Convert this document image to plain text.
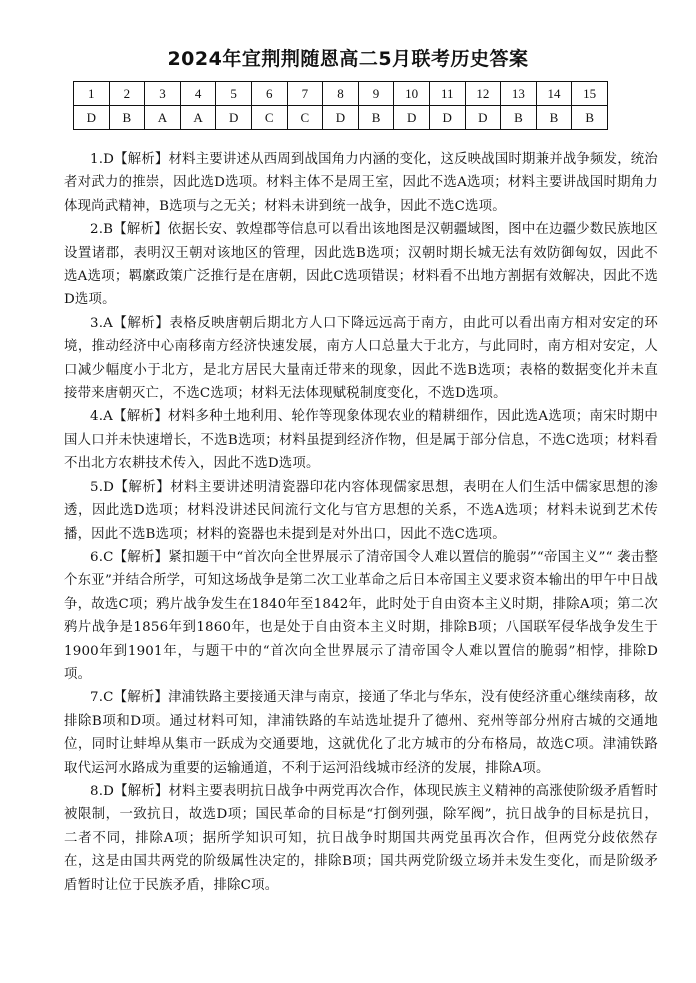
2024年宜荆荆随恩高二5月联考历史答案
1	2	3	4	5	6	7	8	9	10	11	12	13	14	15
D	B	A	A	D	C	C	D	B	D	D	D	B	B	B

1.D【解析】材料主要讲述从西周到战国角力内涵的变化，这反映战国时期兼并战争频发，统治者对武力的推崇，因此选D选项。材料主体不是周王室，因此不选A选项；材料主要讲战国时期角力体现尚武精神，B选项与之无关；材料未讲到统一战争，因此不选C选项。

2.B【解析】依据长安、敦煌郡等信息可以看出该地图是汉朝疆域图，图中在边疆少数民族地区设置诸郡，表明汉王朝对该地区的管理，因此选B选项；汉朝时期长城无法有效防御匈奴，因此不选A选项；羁縻政策广泛推行是在唐朝，因此C选项错误；材料看不出地方割据有效解决，因此不选D选项。

3.A【解析】表格反映唐朝后期北方人口下降远远高于南方，由此可以看出南方相对安定的环境，推动经济中心南移南方经济快速发展，南方人口总量大于北方，与此同时，南方相对安定，人口减少幅度小于北方，是北方居民大量南迁带来的现象，因此不选B选项；表格的数据变化并未直接带来唐朝灭亡，不选C选项；材料无法体现赋税制度变化，不选D选项。

4.A【解析】材料多种土地利用、轮作等现象体现农业的精耕细作，因此选A选项；南宋时期中国人口并未快速增长，不选B选项；材料虽提到经济作物，但是属于部分信息，不选C选项；材料看不出北方农耕技术传入，因此不选D选项。

5.D【解析】材料主要讲述明清瓷器印花内容体现儒家思想，表明在人们生活中儒家思想的渗透，因此选D选项；材料没讲述民间流行文化与官方思想的关系，不选A选项；材料未说到艺术传播，因此不选B选项；材料的瓷器也未提到是对外出口，因此不选C选项。

6.C【解析】紧扣题干中“首次向全世界展示了清帝国令人难以置信的脆弱”“帝国主义”“ 袭击整个东亚”并结合所学，可知这场战争是第二次工业革命之后日本帝国主义要求资本输出的甲午中日战争，故选C项；鸦片战争发生在1840年至1842年，此时处于自由资本主义时期，排除A项；第二次鸦片战争是1856年到1860年，也是处于自由资本主义时期，排除B项；八国联军侵华战争发生于1900年到1901年，与题干中的“首次向全世界展示了清帝国令人难以置信的脆弱”相悖，排除D项。

7.C【解析】津浦铁路主要接通天津与南京，接通了华北与华东，没有使经济重心继续南移，故排除B项和D项。通过材料可知，津浦铁路的车站选址提升了德州、兖州等部分州府古城的交通地位，同时让蚌埠从集市一跃成为交通要地，这就优化了北方城市的分布格局，故选C项。津浦铁路取代运河水路成为重要的运输通道，不利于运河沿线城市经济的发展，排除A项。

8.D【解析】材料主要表明抗日战争中两党再次合作，体现民族主义精神的高涨使阶级矛盾暂时被限制，一致抗日，故选D项；国民革命的目标是“打倒列强，除军阀”，抗日战争的目标是抗日，二者不同，排除A项；据所学知识可知，抗日战争时期国共两党虽再次合作，但两党分歧依然存在，这是由国共两党的阶级属性决定的，排除B项；国共两党阶级立场并未发生变化，而是阶级矛盾暂时让位于民族矛盾，排除C项。
